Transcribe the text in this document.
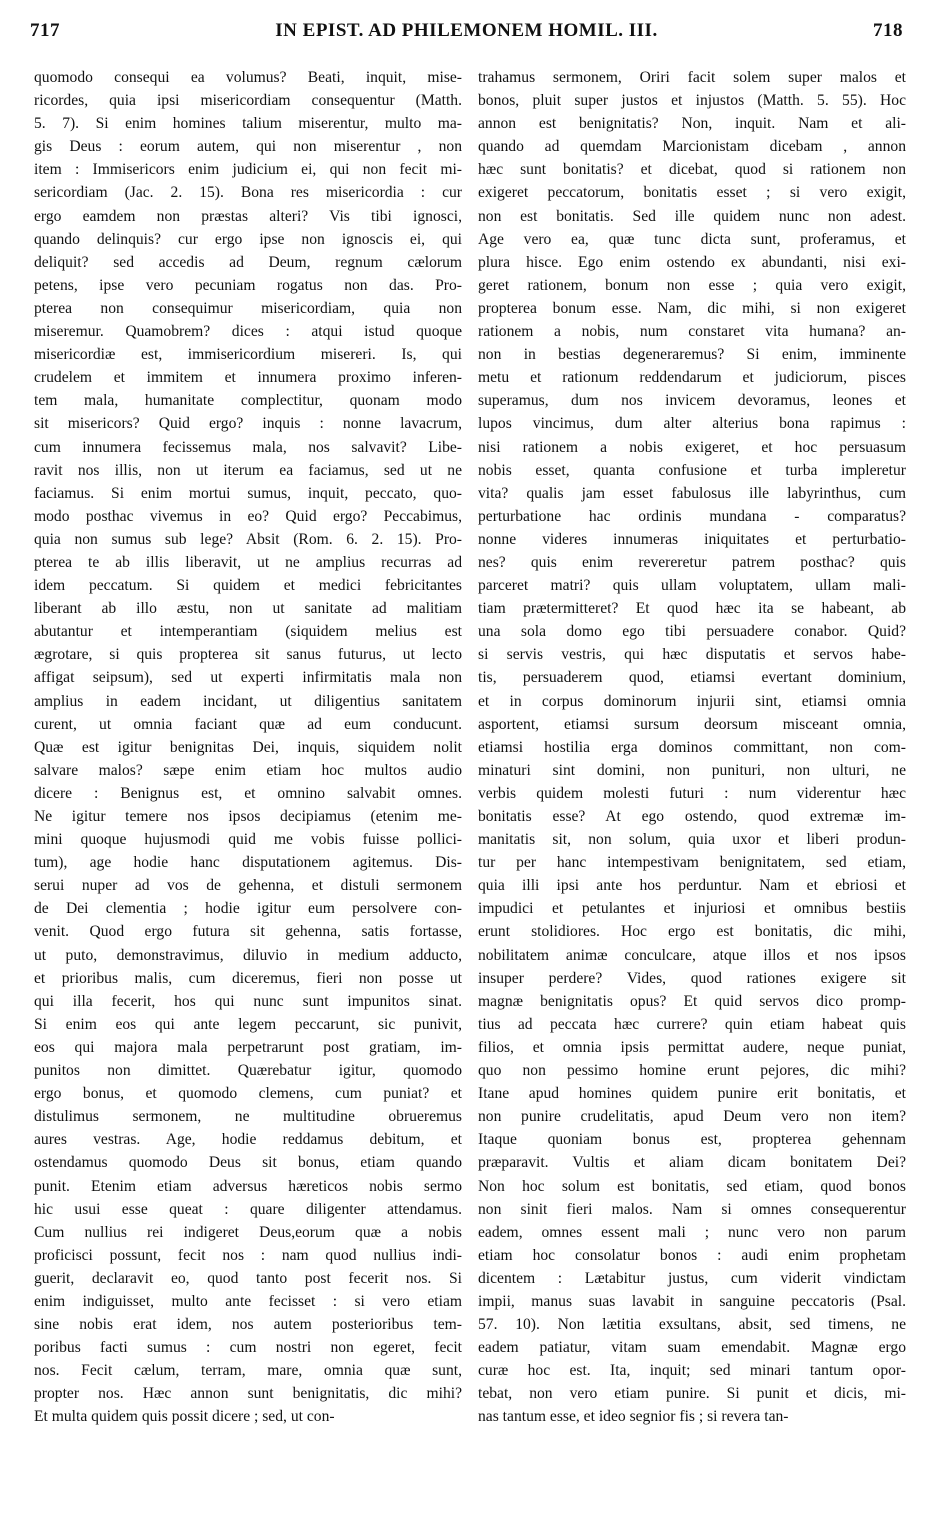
717	IN EPIST. AD PHILEMONEM HOMIL. III.	718
quomodo consequi ea volumus? Beati, inquit, mise-
ricordes, quia ipsi misericordiam consequentur (Matth.
5. 7). Si enim homines talium miserentur, multo ma-
gis Deus : eorum autem, qui non miserentur , non
item : Immisericors enim judicium ei, qui non fecit mi-
sericordiam (Jac. 2. 15). Bona res misericordia : cur
ergo eamdem non præstas alteri? Vis tibi ignosci,
quando delinquis? cur ergo ipse non ignoscis ei, qui
deliquit? sed accedis ad Deum, regnum cælorum
petens, ipse vero pecuniam rogatus non das. Pro-
pterea non consequimur misericordiam, quia non
miseremur. Quamobrem? dices : atqui istud quoque
misericordiæ est, immisericordium misereri. Is, qui
crudelem et immitem et innumera proximo inferen-
tem mala, humanitate complectitur, quonam modo
sit misericors? Quid ergo? inquis : nonne lavacrum,
cum innumera fecissemus mala, nos salvavit? Libe-
ravit nos illis, non ut iterum ea faciamus, sed ut ne
faciamus. Si enim mortui sumus, inquit, peccato, quo-
modo posthac vivemus in eo? Quid ergo? Peccabimus,
quia non sumus sub lege? Absit (Rom. 6. 2. 15). Pro-
pterea te ab illis liberavit, ut ne amplius recurras ad
idem peccatum. Si quidem et medici febricitantes
liberant ab illo æstu, non ut sanitate ad malitiam
abutantur et intemperantiam (siquidem melius est
ægrotare, si quis propterea sit sanus futurus, ut lecto
affigat seipsum), sed ut experti infirmitatis mala non
amplius in eadem incidant, ut diligentius sanitatem
curent, ut omnia faciant quæ ad eum conducunt.
Quæ est igitur benignitas Dei, inquis, siquidem nolit
salvare malos? sæpe enim etiam hoc multos audio
dicere : Benignus est, et omnino salvabit omnes.
Ne igitur temere nos ipsos decipiamus (etenim me-
mini quoque hujusmodi quid me vobis fuisse pollici-
tum), age hodie hanc disputationem agitemus. Dis-
serui nuper ad vos de gehenna, et distuli sermonem
de Dei clementia ; hodie igitur eum persolvere con-
venit. Quod ergo futura sit gehenna, satis fortasse,
ut puto, demonstravimus, diluvio in medium adducto,
et prioribus malis, cum diceremus, fieri non posse ut
qui illa fecerit, hos qui nunc sunt impunitos sinat.
Si enim eos qui ante legem peccarunt, sic punivit,
eos qui majora mala perpetrarunt post gratiam, im-
punitos non dimittet. Quærebatur igitur, quomodo
ergo bonus, et quomodo clemens, cum puniat? et
distulimus sermonem, ne multitudine obrueremus
aures vestras. Age, hodie reddamus debitum, et
ostendamus quomodo Deus sit bonus, etiam quando
punit. Etenim etiam adversus hæreticos nobis sermo
hic usui esse queat : quare diligenter attendamus.
Cum nullius rei indigeret Deus,eorum quæ a nobis
proficisci possunt, fecit nos : nam quod nullius indi-
guerit, declaravit eo, quod tanto post fecerit nos. Si
enim indiguisset, multo ante fecisset : si vero etiam
sine nobis erat idem, nos autem posterioribus tem-
poribus facti sumus : cum nostri non egeret, fecit
nos. Fecit cælum, terram, mare, omnia quæ sunt,
propter nos. Hæc annon sunt benignitatis, dic mihi?
Et multa quidem quis possit dicere ; sed, ut con-
trahamus sermonem, Oriri facit solem super malos et
bonos, pluit super justos et injustos (Matth. 5. 55). Hoc
annon est benignitatis? Non, inquit. Nam et ali-
quando ad quemdam Marcionistam dicebam , annon
hæc sunt bonitatis? et dicebat, quod si rationem non
exigeret peccatorum, bonitatis esset ; si vero exigit,
non est bonitatis. Sed ille quidem nunc non adest.
Age vero ea, quæ tunc dicta sunt, proferamus, et
plura hisce. Ego enim ostendo ex abundanti, nisi exi-
geret rationem, bonum non esse ; quia vero exigit,
propterea bonum esse. Nam, dic mihi, si non exigeret
rationem a nobis, num constaret vita humana? an-
non in bestias degeneraremus? Si enim, imminente
metu et rationum reddendarum et judiciorum, pisces
superamus, dum nos invicem devoramus, leones et
lupos vincimus, dum alter alterius bona rapimus :
nisi rationem a nobis exigeret, et hoc persuasum
nobis esset, quanta confusione et turba impleretur
vita? qualis jam esset fabulosus ille labyrinthus, cum
perturbatione hac ordinis mundana - comparatus?
nonne videres innumeras iniquitates et perturbatio-
nes? quis enim revereretur patrem posthac? quis
parceret matri? quis ullam voluptatem, ullam mali-
tiam prætermitteret? Et quod hæc ita se habeant, ab
una sola domo ego tibi persuadere conabor. Quid?
si servis vestris, qui hæc disputatis et servos habe-
tis, persuaderem quod, etiamsi evertant dominium,
et in corpus dominorum injurii sint, etiamsi omnia
asportent, etiamsi sursum deorsum misceant omnia,
etiamsi hostilia erga dominos committant, non com-
minaturi sint domini, non punituri, non ulturi, ne
verbis quidem molesti futuri : num viderentur hæc
bonitatis esse? At ego ostendo, quod extremæ im-
manitatis sit, non solum, quia uxor et liberi produn-
tur per hanc intempestivam benignitatem, sed etiam,
quia illi ipsi ante hos perduntur. Nam et ebriosi et
impudici et petulantes et injuriosi et omnibus bestiis
erunt stolidiores. Hoc ergo est bonitatis, dic mihi,
nobilitatem animæ conculcare, atque illos et nos ipsos
insuper perdere? Vides, quod rationes exigere sit
magnæ benignitatis opus? Et quid servos dico promp-
tius ad peccata hæc currere? quin etiam habeat quis
filios, et omnia ipsis permittat audere, neque puniat,
quo non pessimo homine erunt pejores, dic mihi?
Itane apud homines quidem punire erit bonitatis, et
non punire crudelitatis, apud Deum vero non item?
Itaque quoniam bonus est, propterea gehennam
præparavit. Vultis et aliam dicam bonitatem Dei?
Non hoc solum est bonitatis, sed etiam, quod bonos
non sinit fieri malos. Nam si omnes consequerentur
eadem, omnes essent mali ; nunc vero non parum
etiam hoc consolatur bonos : audi enim prophetam
dicentem : Lætabitur justus, cum viderit vindictam
impii, manus suas lavabit in sanguine peccatoris (Psal.
57. 10). Non lætitia exsultans, absit, sed timens, ne
eadem patiatur, vitam suam emendabit. Magnæ ergo
curæ hoc est. Ita, inquit; sed minari tantum opor-
tebat, non vero etiam punire. Si punit et dicis, mi-
nas tantum esse, et ideo segnior fis ; si revera tan-
